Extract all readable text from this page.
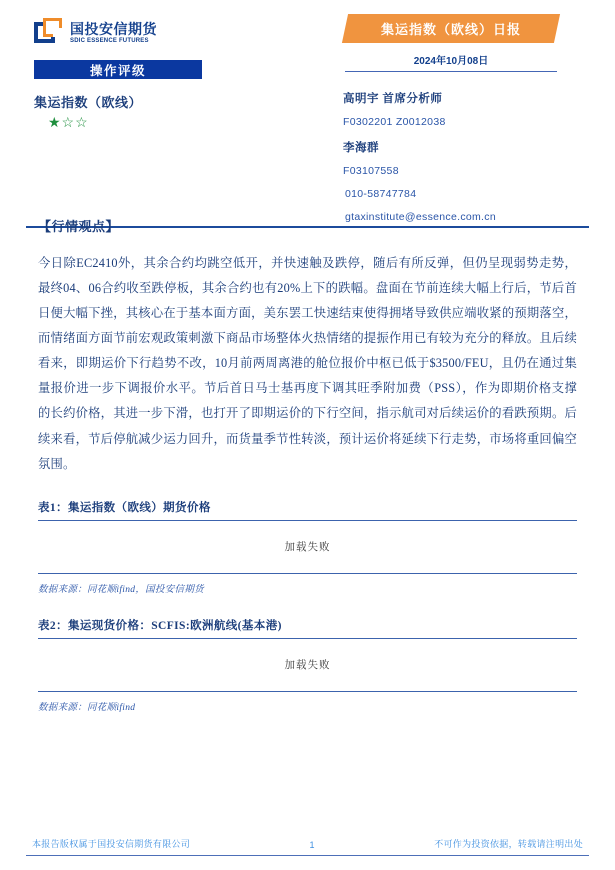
国投安信期货
SDIC ESSENCE FUTURES
操作评级
集运指数（欧线）
★☆☆
集运指数（欧线）日报
2024年10月08日
高明宇 首席分析师
F0302201 Z0012038
李海群
F03107558
010-58747784
gtaxinstitute@essence.com.cn
【行情观点】

今日除EC2410外，其余合约均跳空低开，并快速触及跌停，随后有所反弹，但仍呈现弱势走势，最终04、06合约收至跌停板，其余合约也有20%上下的跌幅。盘面在节前连续大幅上行后，节后首日便大幅下挫，其核心在于基本面方面，美东罢工快速结束使得拥堵导致供应端收紧的预期落空，而情绪面方面节前宏观政策刺激下商品市场整体火热情绪的提振作用已有较为充分的释放。且后续看来，即期运价下行趋势不改，10月前两周离港的舱位报价中枢已低于$3500/FEU，且仍在通过集量报价进一步下调报价水平。节后首日马士基再度下调其旺季附加费（PSS），作为即期价格支撑的长约价格，其进一步下滑，也打开了即期运价的下行空间，指示航司对后续运价的看跌预期。后续来看，节后停航减少运力回升，而货量季节性转淡，预计运价将延续下行走势，市场将重回偏空氛围。

表1：集运指数（欧线）期货价格
加载失败
数据来源：同花顺ifind，国投安信期货
表2：集运现货价格：SCFIS:欧洲航线(基本港)
加载失败
数据来源：同花顺ifind
本报告版权属于国投安信期货有限公司	1	不可作为投资依据，转载请注明出处
